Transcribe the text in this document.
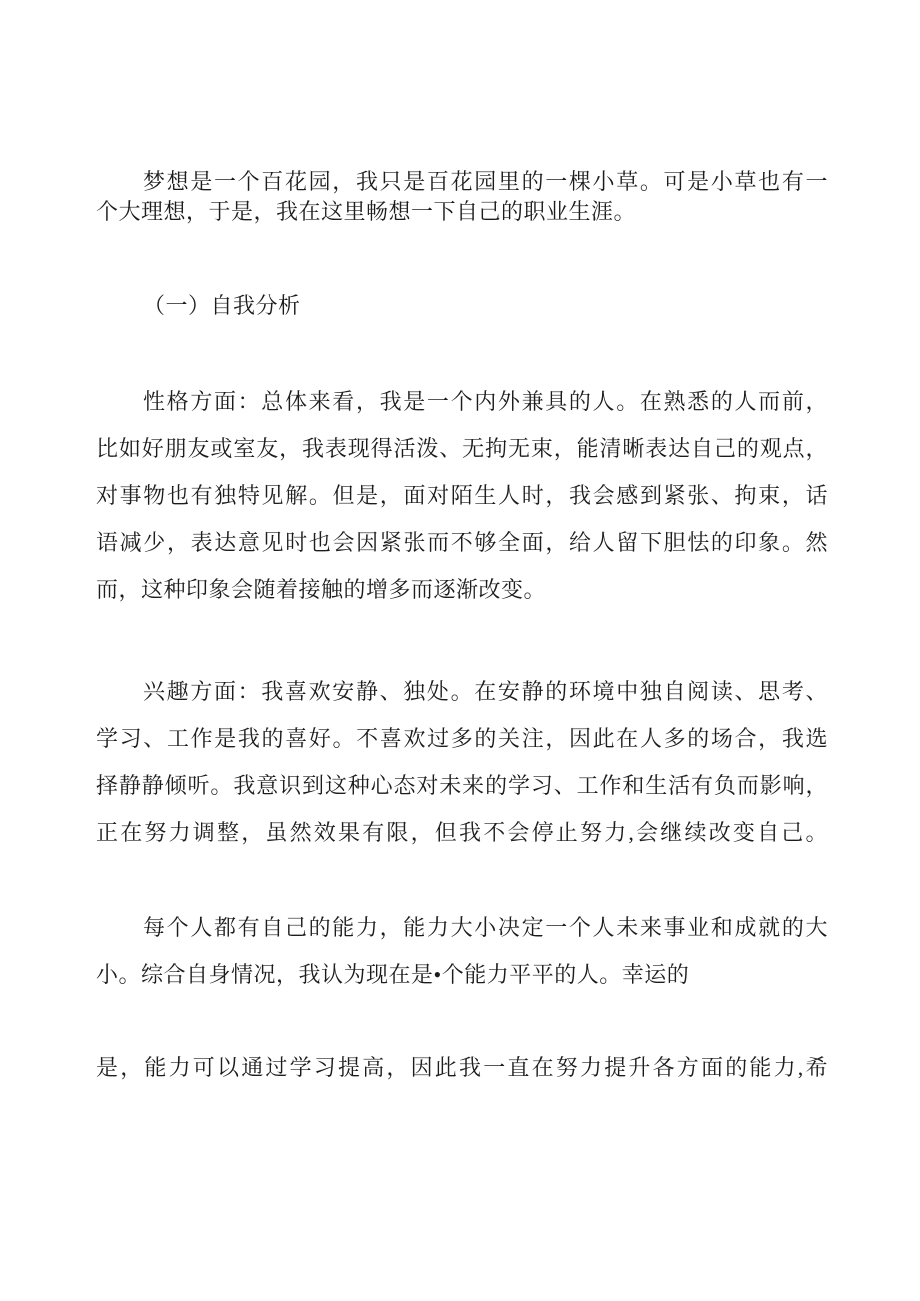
梦想是一个百花园，我只是百花园里的一棵小草。可是小草也有一
个大理想，于是，我在这里畅想一下自己的职业生涯。
（一）自我分析
性格方面：总体来看，我是一个内外兼具的人。在熟悉的人而前，
比如好朋友或室友，我表现得活泼、无拘无束，能清晰表达自己的观点，
对事物也有独特见解。但是，面对陌生人时，我会感到紧张、拘束，话
语减少，表达意见时也会因紧张而不够全面，给人留下胆怯的印象。然
而，这种印象会随着接触的增多而逐渐改变。
兴趣方面：我喜欢安静、独处。在安静的环境中独自阅读、思考、
学习、工作是我的喜好。不喜欢过多的关注，因此在人多的场合，我选
择静静倾听。我意识到这种心态对未来的学习、工作和生活有负而影响，
正在努力调整，虽然效果有限，但我不会停止努力,会继续改变自己。
每个人都有自己的能力，能力大小决定一个人未来事业和成就的大
小。综合自身情况，我认为现在是•个能力平平的人。幸运的
是，能力可以通过学习提高，因此我一直在努力提升各方面的能力,希
